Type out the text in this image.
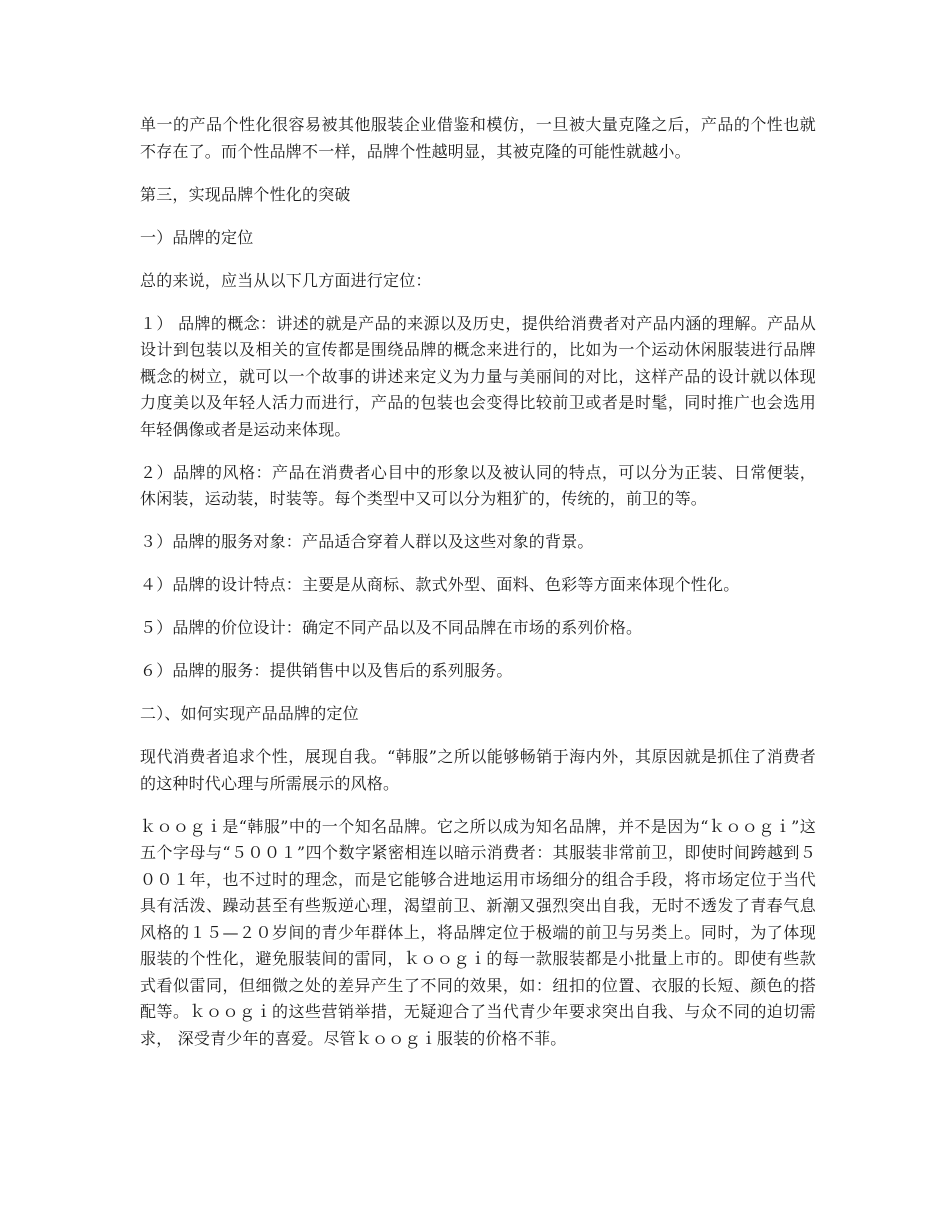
单一的产品个性化很容易被其他服装企业借鉴和模仿，一旦被大量克隆之后，产品的个性也就不存在了。而个性品牌不一样，品牌个性越明显，其被克隆的可能性就越小。

第三，实现品牌个性化的突破

一）品牌的定位

总的来说，应当从以下几方面进行定位：

１） 品牌的概念：讲述的就是产品的来源以及历史，提供给消费者对产品内涵的理解。产品从设计到包装以及相关的宣传都是围绕品牌的概念来进行的，比如为一个运动休闲服装进行品牌概念的树立，就可以一个故事的讲述来定义为力量与美丽间的对比，这样产品的设计就以体现力度美以及年轻人活力而进行，产品的包装也会变得比较前卫或者是时髦，同时推广也会选用年轻偶像或者是运动来体现。

２）品牌的风格：产品在消费者心目中的形象以及被认同的特点，可以分为正装、日常便装，休闲装，运动装，时装等。每个类型中又可以分为粗犷的，传统的，前卫的等。

３）品牌的服务对象：产品适合穿着人群以及这些对象的背景。

４）品牌的设计特点：主要是从商标、款式外型、面料、色彩等方面来体现个性化。

５）品牌的价位设计：确定不同产品以及不同品牌在市场的系列价格。

６）品牌的服务：提供销售中以及售后的系列服务。

二）、如何实现产品品牌的定位

现代消费者追求个性，展现自我。“韩服”之所以能够畅销于海内外，其原因就是抓住了消费者的这种时代心理与所需展示的风格。

ｋｏｏｇｉ是“韩服”中的一个知名品牌。它之所以成为知名品牌，并不是因为“ｋｏｏｇｉ”这五个字母与“５００１”四个数字紧密相连以暗示消费者：其服装非常前卫，即使时间跨越到５００１年，也不过时的理念，而是它能够合进地运用市场细分的组合手段，将市场定位于当代具有活泼、躁动甚至有些叛逆心理，渴望前卫、新潮又强烈突出自我，无时不透发了青春气息风格的１５—２０岁间的青少年群体上，将品牌定位于极端的前卫与另类上。同时，为了体现服装的个性化，避免服装间的雷同，ｋｏｏｇｉ的每一款服装都是小批量上市的。即使有些款式看似雷同，但细微之处的差异产生了不同的效果，如：纽扣的位置、衣服的长短、颜色的搭配等。ｋｏｏｇｉ的这些营销举措，无疑迎合了当代青少年要求突出自我、与众不同的迫切需求， 深受青少年的喜爱。尽管ｋｏｏｇｉ服装的价格不菲。
